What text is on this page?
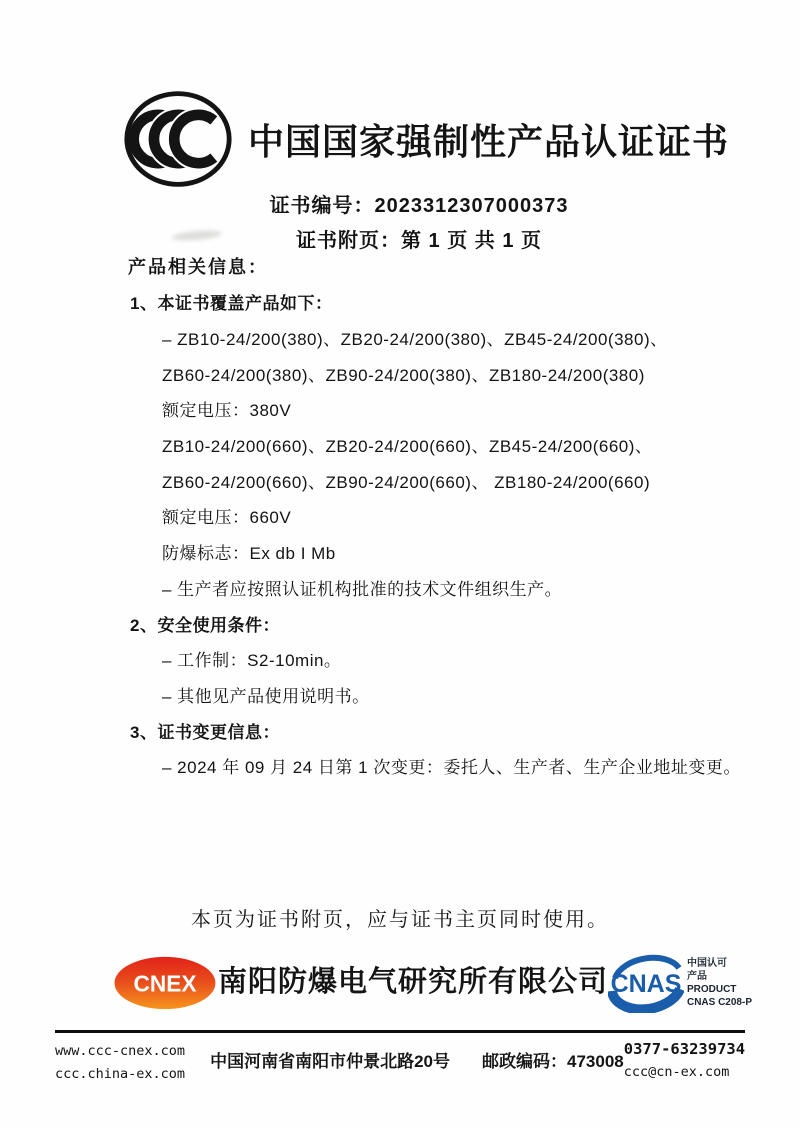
中国国家强制性产品认证证书
证书编号：2023312307000373
证书附页：第 1 页 共 1 页
产品相关信息：
1、本证书覆盖产品如下：
– ZB10-24/200(380)、ZB20-24/200(380)、ZB45-24/200(380)、
ZB60-24/200(380)、ZB90-24/200(380)、ZB180-24/200(380)
额定电压：380V
ZB10-24/200(660)、ZB20-24/200(660)、ZB45-24/200(660)、
ZB60-24/200(660)、ZB90-24/200(660)、 ZB180-24/200(660)
额定电压：660V
防爆标志：Ex db I Mb
– 生产者应按照认证机构批准的技术文件组织生产。
2、安全使用条件：
– 工作制：S2-10min。
– 其他见产品使用说明书。
3、证书变更信息：
– 2024 年 09 月 24 日第 1 次变更：委托人、生产者、生产企业地址变更。

本页为证书附页，应与证书主页同时使用。

CNEX 南阳防爆电气研究所有限公司 CNAS
中国认可
产品
PRODUCT
CNAS C208-P
www.ccc-cnex.com
ccc.china-ex.com
中国河南省南阳市仲景北路20号 邮政编码：473008
0377-63239734
ccc@cn-ex.com
